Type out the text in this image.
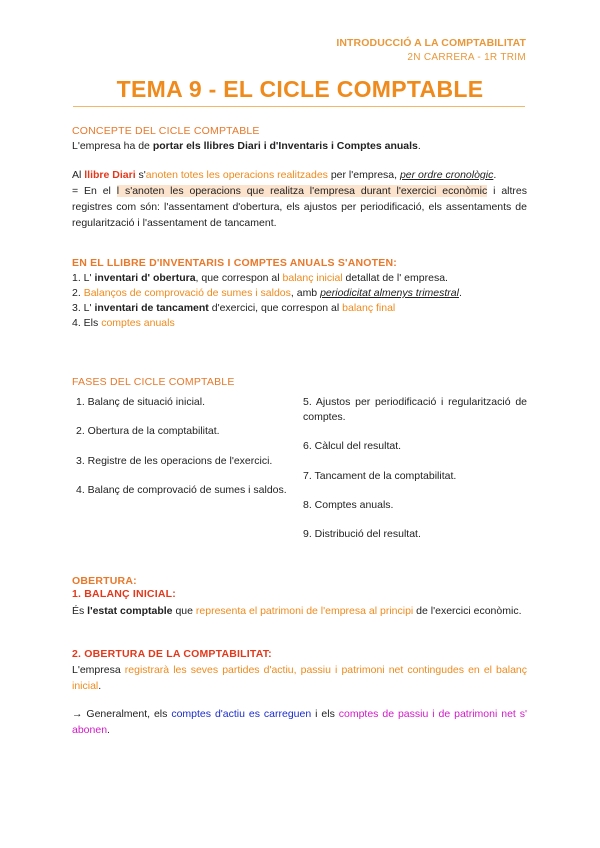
INTRODUCCIÓ A LA COMPTABILITAT
2N CARRERA - 1R TRIM
TEMA 9 - EL CICLE COMPTABLE
CONCEPTE DEL CICLE COMPTABLE
L'empresa ha de portar els llibres Diari i d'Inventaris i Comptes anuals.
Al llibre Diari s'anoten totes les operacions realitzades per l'empresa, per ordre cronològic.
= En el l s'anoten les operacions que realitza l'empresa durant l'exercici econòmic i altres registres com són: l'assentament d'obertura, els ajustos per periodificació, els assentaments de regularització i l'assentament de tancament.
EN EL LLIBRE D'INVENTARIS I COMPTES ANUALS S'ANOTEN:
1. L' inventari d' obertura, que correspon al balanç inicial detallat de l' empresa.
2. Balanços de comprovació de sumes i saldos, amb periodicitat almenys trimestral.
3. L' inventari de tancament d'exercici, que correspon al balanç final
4. Els comptes anuals
FASES DEL CICLE COMPTABLE
1. Balanç de situació inicial.
2. Obertura de la comptabilitat.
3. Registre de les operacions de l'exercici.
4. Balanç de comprovació de sumes i saldos.
5. Ajustos per periodificació i regularització de comptes.
6. Càlcul del resultat.
7. Tancament de la comptabilitat.
8. Comptes anuals.
9. Distribució del resultat.
OBERTURA:
1. BALANÇ INICIAL:
És l'estat comptable que representa el patrimoni de l'empresa al principi de l'exercici econòmic.
2. OBERTURA DE LA COMPTABILITAT:
L'empresa registrarà les seves partides d'actiu, passiu i patrimoni net contingudes en el balanç inicial.
→ Generalment, els comptes d'actiu es carreguen i els comptes de passiu i de patrimoni net s' abonen.
